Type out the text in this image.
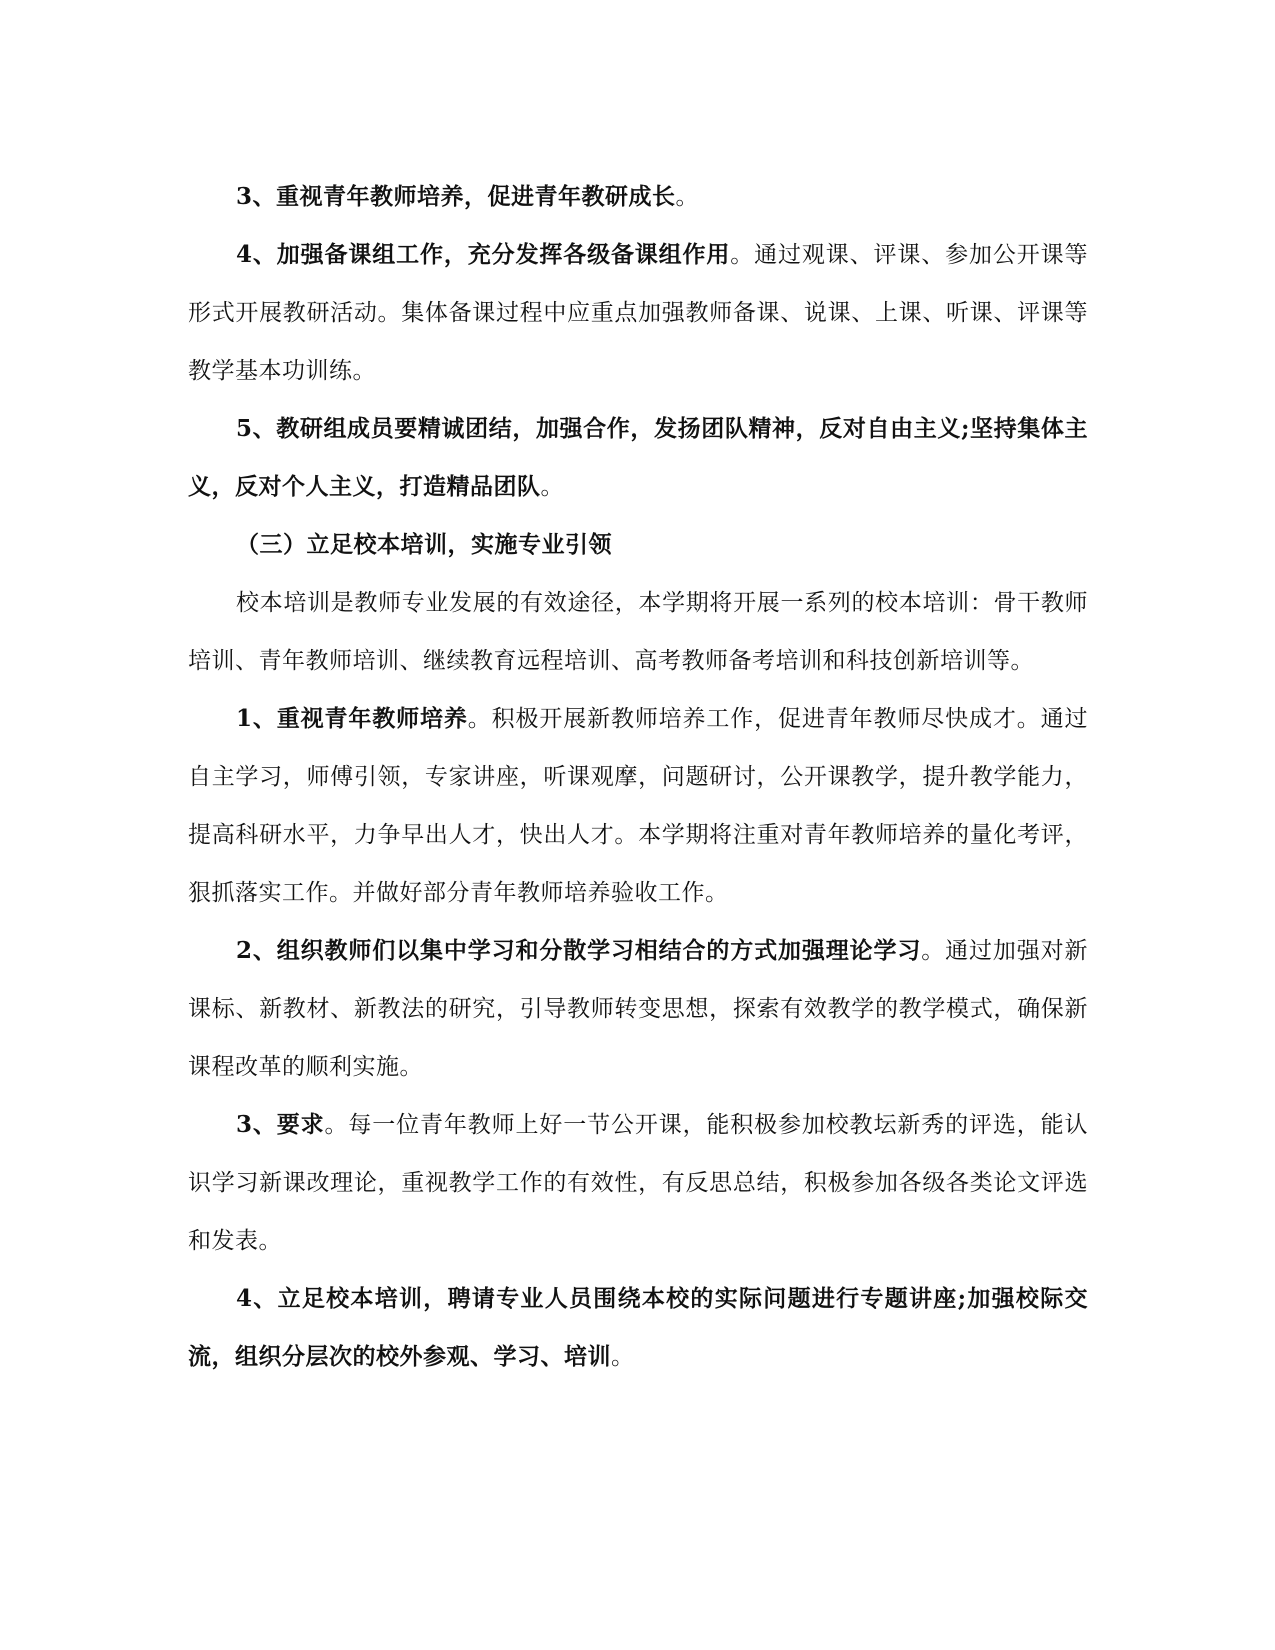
3、重视青年教师培养，促进青年教研成长。

4、加强备课组工作，充分发挥各级备课组作用。通过观课、评课、参加公开课等形式开展教研活动。集体备课过程中应重点加强教师备课、说课、上课、听课、评课等教学基本功训练。

5、教研组成员要精诚团结，加强合作，发扬团队精神，反对自由主义;坚持集体主义，反对个人主义，打造精品团队。

（三）立足校本培训，实施专业引领

校本培训是教师专业发展的有效途径，本学期将开展一系列的校本培训：骨干教师培训、青年教师培训、继续教育远程培训、高考教师备考培训和科技创新培训等。

1、重视青年教师培养。积极开展新教师培养工作，促进青年教师尽快成才。通过自主学习，师傅引领，专家讲座，听课观摩，问题研讨，公开课教学，提升教学能力，提高科研水平，力争早出人才，快出人才。本学期将注重对青年教师培养的量化考评，狠抓落实工作。并做好部分青年教师培养验收工作。

2、组织教师们以集中学习和分散学习相结合的方式加强理论学习。通过加强对新课标、新教材、新教法的研究，引导教师转变思想，探索有效教学的教学模式，确保新课程改革的顺利实施。

3、要求。每一位青年教师上好一节公开课，能积极参加校教坛新秀的评选，能认识学习新课改理论，重视教学工作的有效性，有反思总结，积极参加各级各类论文评选和发表。

4、立足校本培训，聘请专业人员围绕本校的实际问题进行专题讲座;加强校际交流，组织分层次的校外参观、学习、培训。
